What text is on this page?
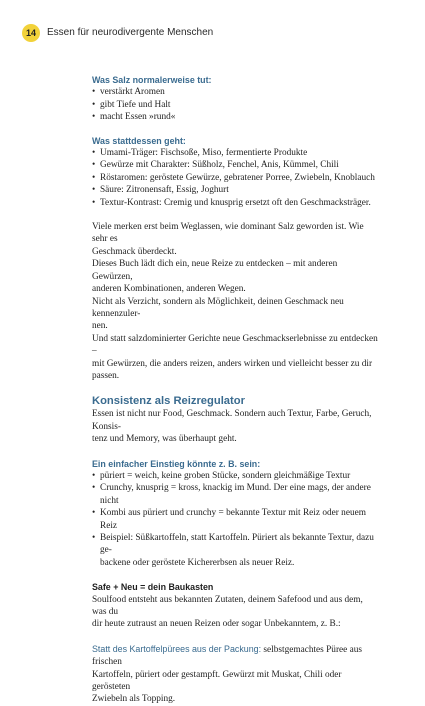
14	Essen für neurodivergente Menschen
Was Salz normalerweise tut:
• verstärkt Aromen
• gibt Tiefe und Halt
• macht Essen »rund«
Was stattdessen geht:
• Umami-Träger: Fischsoße, Miso, fermentierte Produkte
• Gewürze mit Charakter: Süßholz, Fenchel, Anis, Kümmel, Chili
• Röstaromen: geröstete Gewürze, gebratener Porree, Zwiebeln, Knoblauch
• Säure: Zitronensaft, Essig, Joghurt
• Textur-Kontrast: Cremig und knusprig ersetzt oft den Geschmacksträger.

Viele merken erst beim Weglassen, wie dominant Salz geworden ist. Wie sehr es

Geschmack überdeckt.

Dieses Buch lädt dich ein, neue Reize zu entdecken – mit anderen Gewürzen,

anderen Kombinationen, anderen Wegen.

Nicht als Verzicht, sondern als Möglichkeit, deinen Geschmack neu kennenzuler-

nen.

Und statt salzdominierter Gerichte neue Geschmackserlebnisse zu entdecken –

mit Gewürzen, die anders reizen, anders wirken und vielleicht besser zu dir

passen.

Konsistenz als Reizregulator

Essen ist nicht nur Food, Geschmack. Sondern auch Textur, Farbe, Geruch, Konsis-

tenz und Memory, was überhaupt geht.

Ein einfacher Einstieg könnte z. B. sein:
• püriert = weich, keine groben Stücke, sondern gleichmäßige Textur
• Crunchy, knusprig = kross, knackig im Mund. Der eine mags, der andere nicht
• Kombi aus püriert und crunchy = bekannte Textur mit Reiz oder neuem Reiz
• Beispiel: Süßkartoffeln, statt Kartoffeln. Püriert als bekannte Textur, dazu ge-
backene oder geröstete Kichererbsen als neuer Reiz.
Safe + Neu = dein Baukasten

Soulfood entsteht aus bekannten Zutaten, deinem Safefood und aus dem, was du

dir heute zutraust an neuen Reizen oder sogar Unbekanntem, z. B.:

Statt des Kartoffelpürees aus der Packung: selbstgemachtes Püree aus frischen

Kartoffeln, püriert oder gestampft. Gewürzt mit Muskat, Chili oder gerösteten

Zwiebeln als Topping.
